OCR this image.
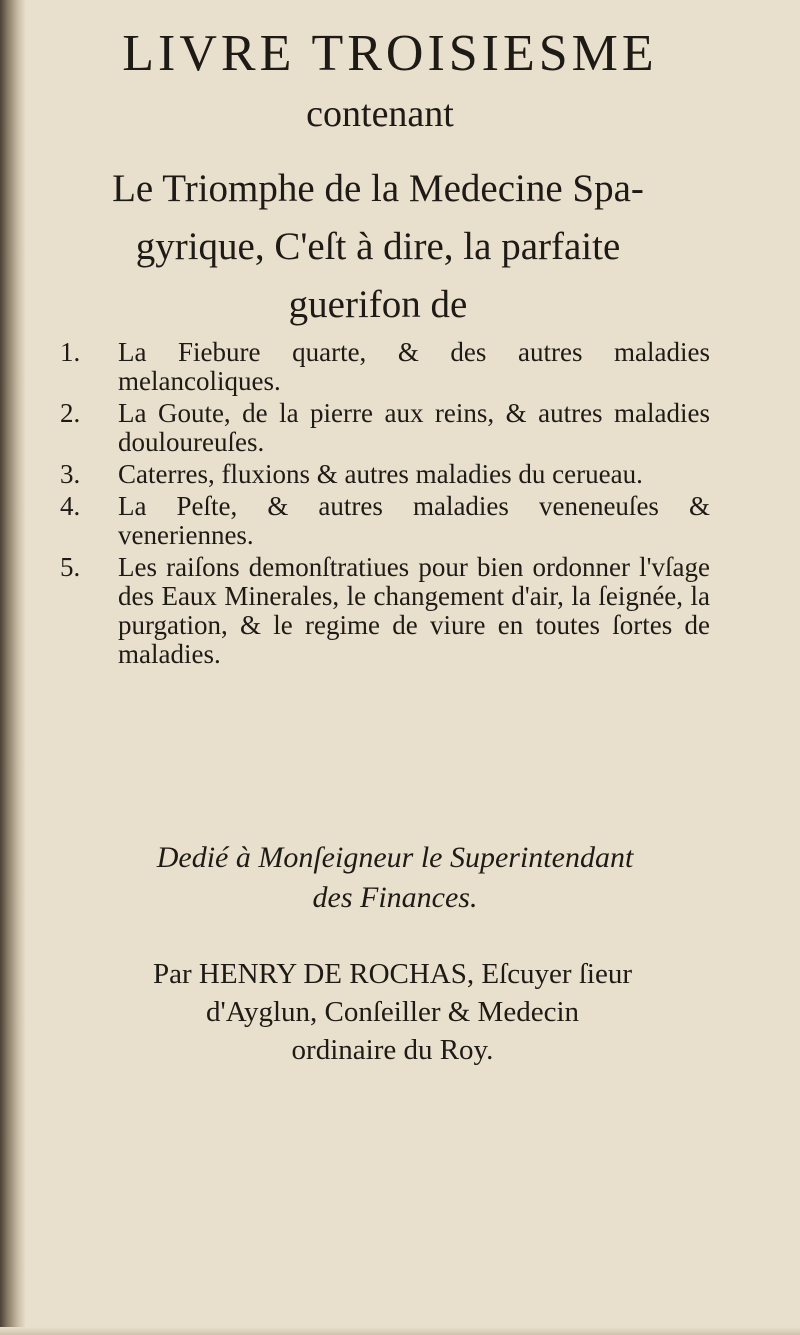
LIVRE TROISIESME
contenant
Le Triomphe de la Medecine Spa-
gyrique, C'eſt à dire, la parfaite
guerifon de
1.	La Fiebure quarte, & des autres maladies melancoliques.
2.	La Goute, de la pierre aux reins, & autres maladies douloureuſes.
3.	Caterres, fluxions & autres maladies du cerueau.
4.	La Peſte, & autres maladies veneneuſes & veneriennes.
5.	Les raiſons demonſtratiues pour bien ordonner l'vſage des Eaux Minerales, le changement d'air, la ſeignée, la purgation, & le regime de viure en toutes ſortes de maladies.
Dedié à Monſeigneur le Superintendant
des Finances.
Par HENRY DE ROCHAS, Eſcuyer ſieur
d'Ayglun, Conſeiller & Medecin
ordinaire du Roy.
